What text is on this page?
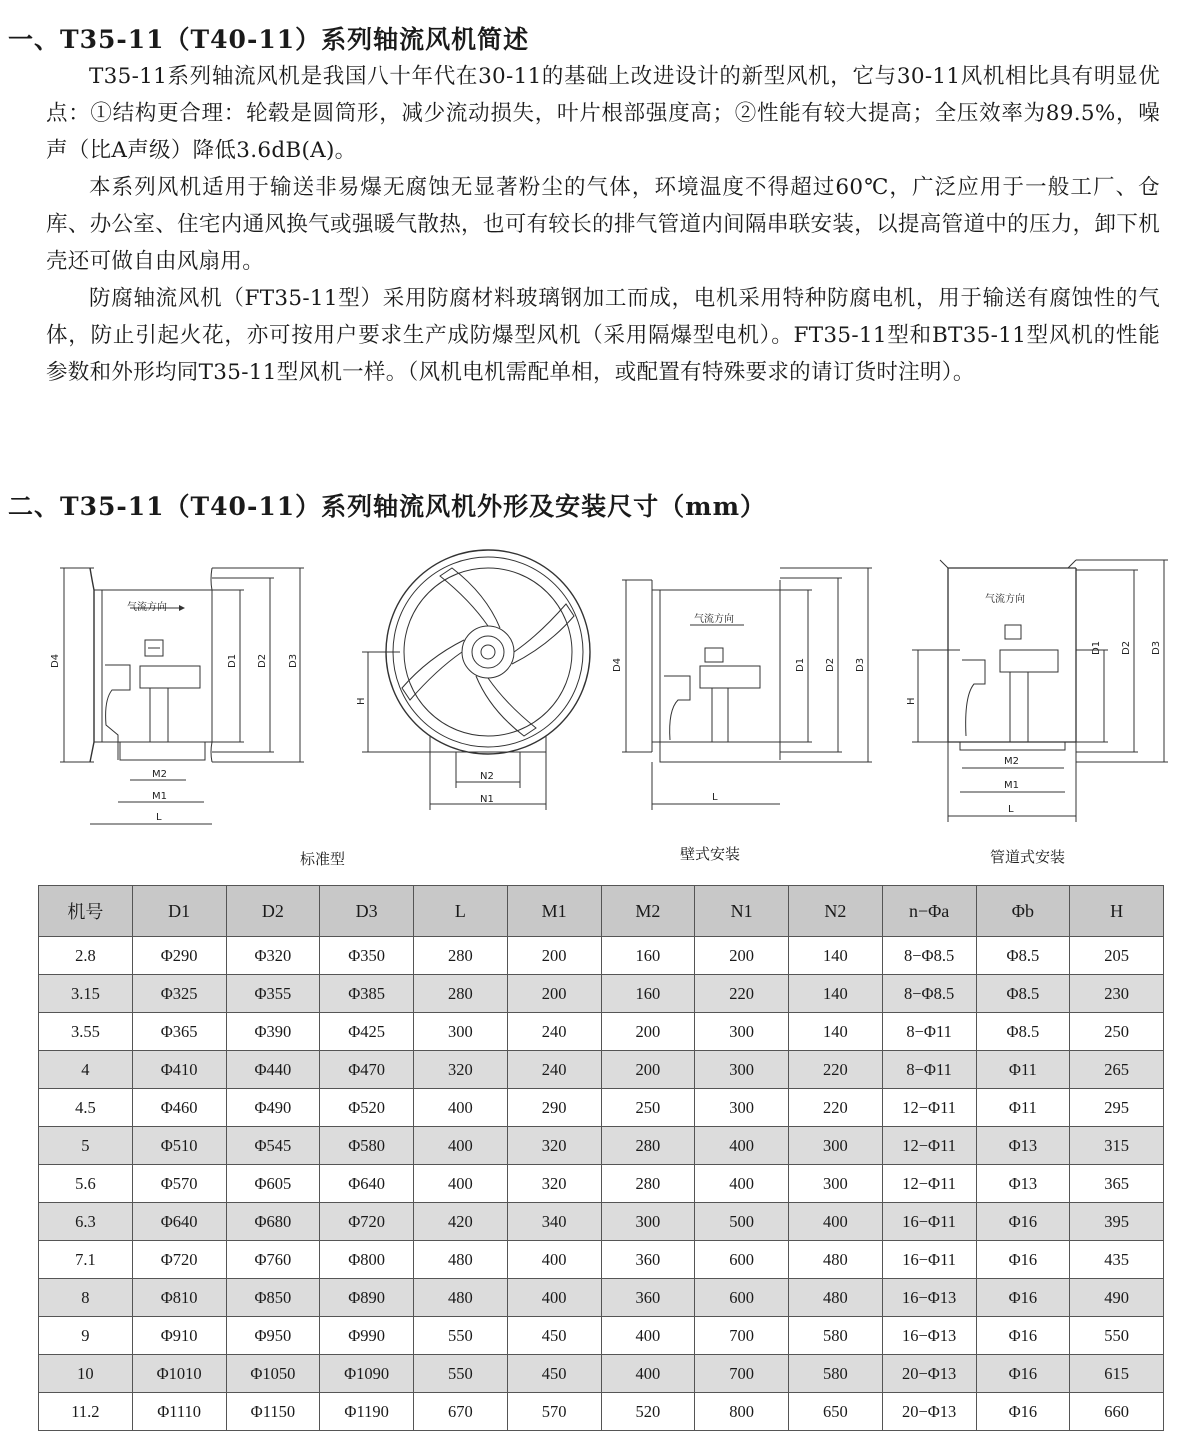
一、T35-11（T40-11）系列轴流风机简述

T35-11系列轴流风机是我国八十年代在30-11的基础上改进设计的新型风机，它与30-11风机相比具有明显优点：①结构更合理：轮毂是圆筒形，减少流动损失，叶片根部强度高；②性能有较大提高；全压效率为89.5%，噪声（比A声级）降低3.6dB(A)。

本系列风机适用于输送非易爆无腐蚀无显著粉尘的气体，环境温度不得超过60℃，广泛应用于一般工厂、仓库、办公室、住宅内通风换气或强暖气散热，也可有较长的排气管道内间隔串联安装，以提高管道中的压力，卸下机壳还可做自由风扇用。

防腐轴流风机（FT35-11型）采用防腐材料玻璃钢加工而成，电机采用特种防腐电机，用于输送有腐蚀性的气体，防止引起火花，亦可按用户要求生产成防爆型风机（采用隔爆型电机）。FT35-11型和BT35-11型风机的性能参数和外形均同T35-11型风机一样。（风机电机需配单相，或配置有特殊要求的请订货时注明）。

二、T35-11（T40-11）系列轴流风机外形及安装尺寸（mm）
气流方向
D4	D1 D2 D3
M2
M1
L
H
N2
N1
气流方向
D4	D1 D2 D3
L
气流方向
H
D1 D2 D3
M2
M1
L
标准型	壁式安装	管道式安装
机号	D1	D2	D3	L	M1	M2	N1	N2	n−Φa	Φb	H
2.8	Φ290	Φ320	Φ350	280	200	160	200	140	8−Φ8.5	Φ8.5	205
3.15	Φ325	Φ355	Φ385	280	200	160	220	140	8−Φ8.5	Φ8.5	230
3.55	Φ365	Φ390	Φ425	300	240	200	300	140	8−Φ11	Φ8.5	250
4	Φ410	Φ440	Φ470	320	240	200	300	220	8−Φ11	Φ11	265
4.5	Φ460	Φ490	Φ520	400	290	250	300	220	12−Φ11	Φ11	295
5	Φ510	Φ545	Φ580	400	320	280	400	300	12−Φ11	Φ13	315
5.6	Φ570	Φ605	Φ640	400	320	280	400	300	12−Φ11	Φ13	365
6.3	Φ640	Φ680	Φ720	420	340	300	500	400	16−Φ11	Φ16	395
7.1	Φ720	Φ760	Φ800	480	400	360	600	480	16−Φ11	Φ16	435
8	Φ810	Φ850	Φ890	480	400	360	600	480	16−Φ13	Φ16	490
9	Φ910	Φ950	Φ990	550	450	400	700	580	16−Φ13	Φ16	550
10	Φ1010	Φ1050	Φ1090	550	450	400	700	580	20−Φ13	Φ16	615
11.2	Φ1110	Φ1150	Φ1190	670	570	520	800	650	20−Φ13	Φ16	660
